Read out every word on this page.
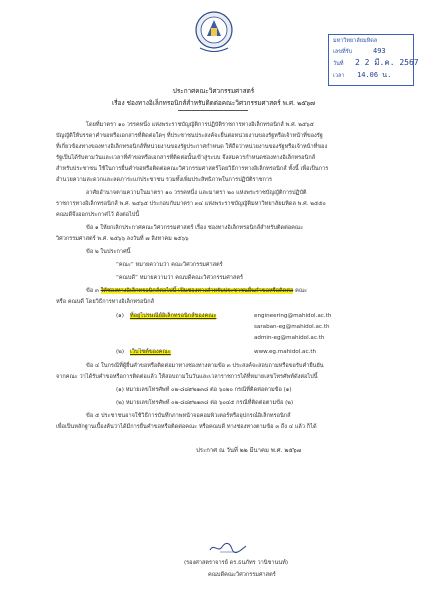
มหาวิทยาลัยมหิดล
เลขที่รับ	493
วันที่ 2 2 มี.ค. 2567
เวลา 14.06 น.
ประกาศคณะวิศวกรรมศาสตร์
เรื่อง ช่องทางอิเล็กทรอนิกส์สำหรับติดต่อคณะวิศวกรรมศาสตร์ พ.ศ. ๒๕๖๗
โดยที่มาตรา ๑๐ วรรคหนึ่ง แห่งพระราชบัญญัติการปฏิบัติราชการทางอิเล็กทรอนิกส์ พ.ศ. ๒๕๖๕
บัญญัติให้บรรดาคำขอหรือเอกสารที่ติดต่อใดๆ ที่ประชาชนประสงค์จะยื่นต่อหน่วยงานของรัฐหรือเจ้าหน้าที่ของรัฐ
ที่เกี่ยวข้องทางของทางอิเล็กทรอนิกส์ที่หน่วยงานของรัฐประกาศกำหนด ให้ถือว่าหน่วยงานของรัฐหรือเจ้าหน้าที่ของ
รัฐเป็นได้รับตามวันและเวลาที่คำขอหรือเอกสารที่ติดต่อนั้นเข้าสู่ระบบ จึงสมควรกำหนดช่องทางอิเล็กทรอนิกส์
สำหรับประชาชน ใช้ในการยื่นคำขอหรือติดต่อคณะวิศวกรรมศาสตร์โดยวิธีการทางอิเล็กทรอนิกส์ ทั้งนี้ เพื่อเป็นการ
อำนวยความสะดวกและลดภาระแก่ประชาชน รวมทั้งเพิ่มประสิทธิภาพในการปฏิบัติราชการ
อาศัยอำนาจตามความในมาตรา ๑๐ วรรคหนึ่ง และมาตรา ๒๐ แห่งพระราชบัญญัติการปฏิบัติ
ราชการทางอิเล็กทรอนิกส์ พ.ศ. ๒๕๖๕ ประกอบกับมาตรา ๓๔ แห่งพระราชบัญญัติมหาวิทยาลัยมหิดล พ.ศ. ๒๕๕๐
คณบดีจึงออกประกาศไว้ ดังต่อไปนี้
ข้อ ๑ ให้ยกเลิกประกาศคณะวิศวกรรมศาสตร์ เรื่อง ช่องทางอิเล็กทรอนิกส์สำหรับติดต่อคณะ
วิศวกรรมศาสตร์ พ.ศ. ๒๕๖๖ ลงวันที่ ๗ สิงหาคม ๒๕๖๖
ข้อ ๒ ในประกาศนี้
“คณะ” หมายความว่า คณะวิศวกรรมศาสตร์
“คณบดี” หมายความว่า คณบดีคณะวิศวกรรมศาสตร์
ข้อ ๓ ให้ช่องทางอิเล็กทรอนิกส์ต่อไปนี้ เป็นช่องทางสำหรับประชาชนยื่นคำขอหรือติดต่อ คณะ
หรือ คณบดี โดยวิธีการทางอิเล็กทรอนิกส์
(๑) ที่อยู่ไปรษณีย์อิเล็กทรอนิกส์ของคณะ	engineering@mahidol.ac.th
saraban-eg@mahidol.ac.th
admin-eg@mahidol.ac.th
(๒) เว็บไซต์ของคณะ	www.eg.mahidol.ac.th
ข้อ ๔ ในกรณีที่ผู้ยื่นคำขอหรือติดต่อมาทางช่องทางตามข้อ ๓ ประสงค์จะสอบถามหรือขอรับคำยืนยัน
จากคณะ ว่าได้รับคำขอหรือการติดต่อแล้ว ให้สอบถามในวันและเวลาราชการได้ที่หมายเลขโทรศัพท์ดังต่อไปนี้
(๑) หมายเลขโทรศัพท์ ๐๒-๘๘๙๒๑๓๘ ต่อ ๖๐๒๐ กรณีที่ติดต่อตามข้อ (๑)
(๒) หมายเลขโทรศัพท์ ๐๒-๘๘๙๒๑๓๘ ต่อ ๖๐๔๕ กรณีที่ติดต่อตามข้อ (๒)
ข้อ ๕ ประชาชนอาจใช้วิธีการบันทึกภาพหน้าจอคอมพิวเตอร์หรืออุปกรณ์อิเล็กทรอนิกส์
เพื่อเป็นหลักฐานเบื้องต้นว่าได้มีการยื่นคำขอหรือติดต่อคณะ หรือคณบดี ทางช่องทางตามข้อ ๓ ถึง ๔ แล้ว ก็ได้
ประกาศ ณ วันที่ ๒๒ มีนาคม พ.ศ. ๒๕๖๗
(รองศาสตราจารย์ ดร.ธนภัทร วานิชานนท์)
คณบดีคณะวิศวกรรมศาสตร์
